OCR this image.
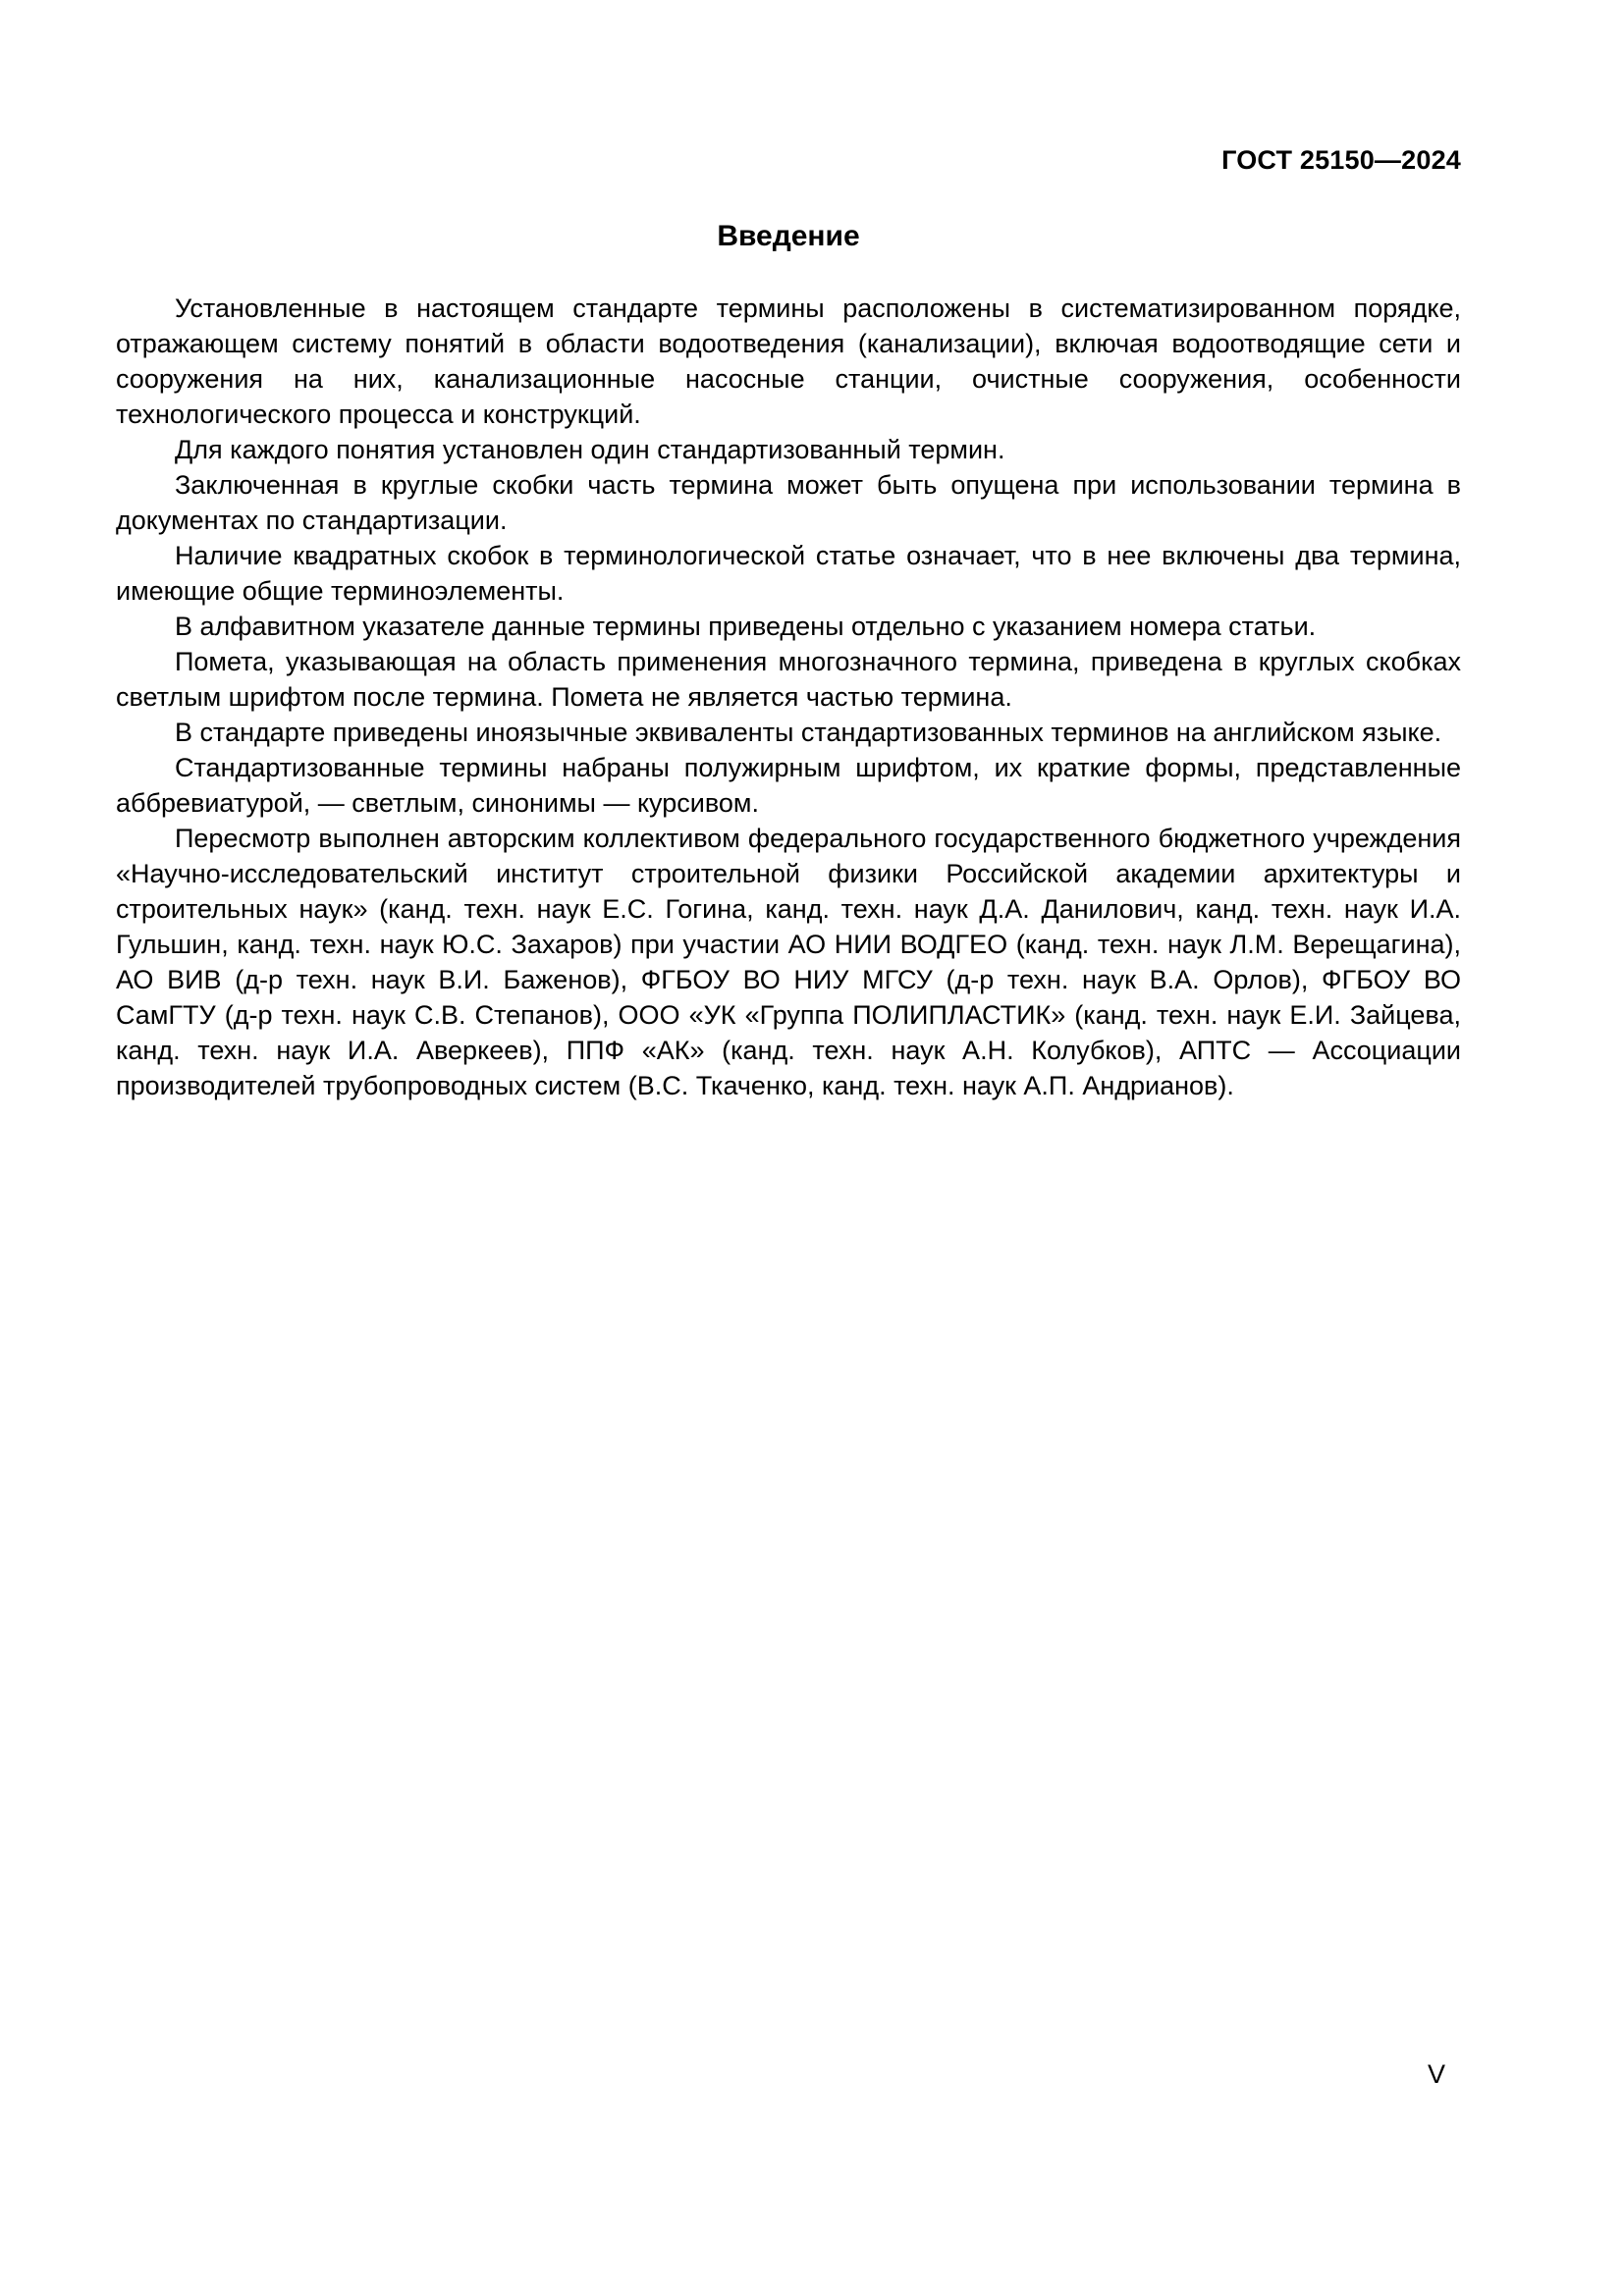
ГОСТ 25150—2024
Введение

Установленные в настоящем стандарте термины расположены в систематизированном порядке, отражающем систему понятий в области водоотведения (канализации), включая водоотводящие сети и сооружения на них, канализационные насосные станции, очистные сооружения, особенности технологического процесса и конструкций.

Для каждого понятия установлен один стандартизованный термин.

Заключенная в круглые скобки часть термина может быть опущена при использовании термина в документах по стандартизации.

Наличие квадратных скобок в терминологической статье означает, что в нее включены два термина, имеющие общие терминоэлементы.

В алфавитном указателе данные термины приведены отдельно с указанием номера статьи.

Помета, указывающая на область применения многозначного термина, приведена в круглых скобках светлым шрифтом после термина. Помета не является частью термина.

В стандарте приведены иноязычные эквиваленты стандартизованных терминов на английском языке.

Стандартизованные термины набраны полужирным шрифтом, их краткие формы, представленные аббревиатурой, — светлым, синонимы — курсивом.

Пересмотр выполнен авторским коллективом федерального государственного бюджетного учреждения «Научно-исследовательский институт строительной физики Российской академии архитектуры и строительных наук» (канд. техн. наук Е.С. Гогина, канд. техн. наук Д.А. Данилович, канд. техн. наук И.А. Гульшин, канд. техн. наук Ю.С. Захаров) при участии АО НИИ ВОДГЕО (канд. техн. наук Л.М. Верещагина), АО ВИВ (д-р техн. наук В.И. Баженов), ФГБОУ ВО НИУ МГСУ (д-р техн. наук В.А. Орлов), ФГБОУ ВО СамГТУ (д-р техн. наук С.В. Степанов), ООО «УК «Группа ПОЛИПЛАСТИК» (канд. техн. наук Е.И. Зайцева, канд. техн. наук И.А. Аверкеев), ППФ «АК» (канд. техн. наук А.Н. Колубков), АПТС — Ассоциации производителей трубопроводных систем (В.С. Ткаченко, канд. техн. наук А.П. Андрианов).

V
